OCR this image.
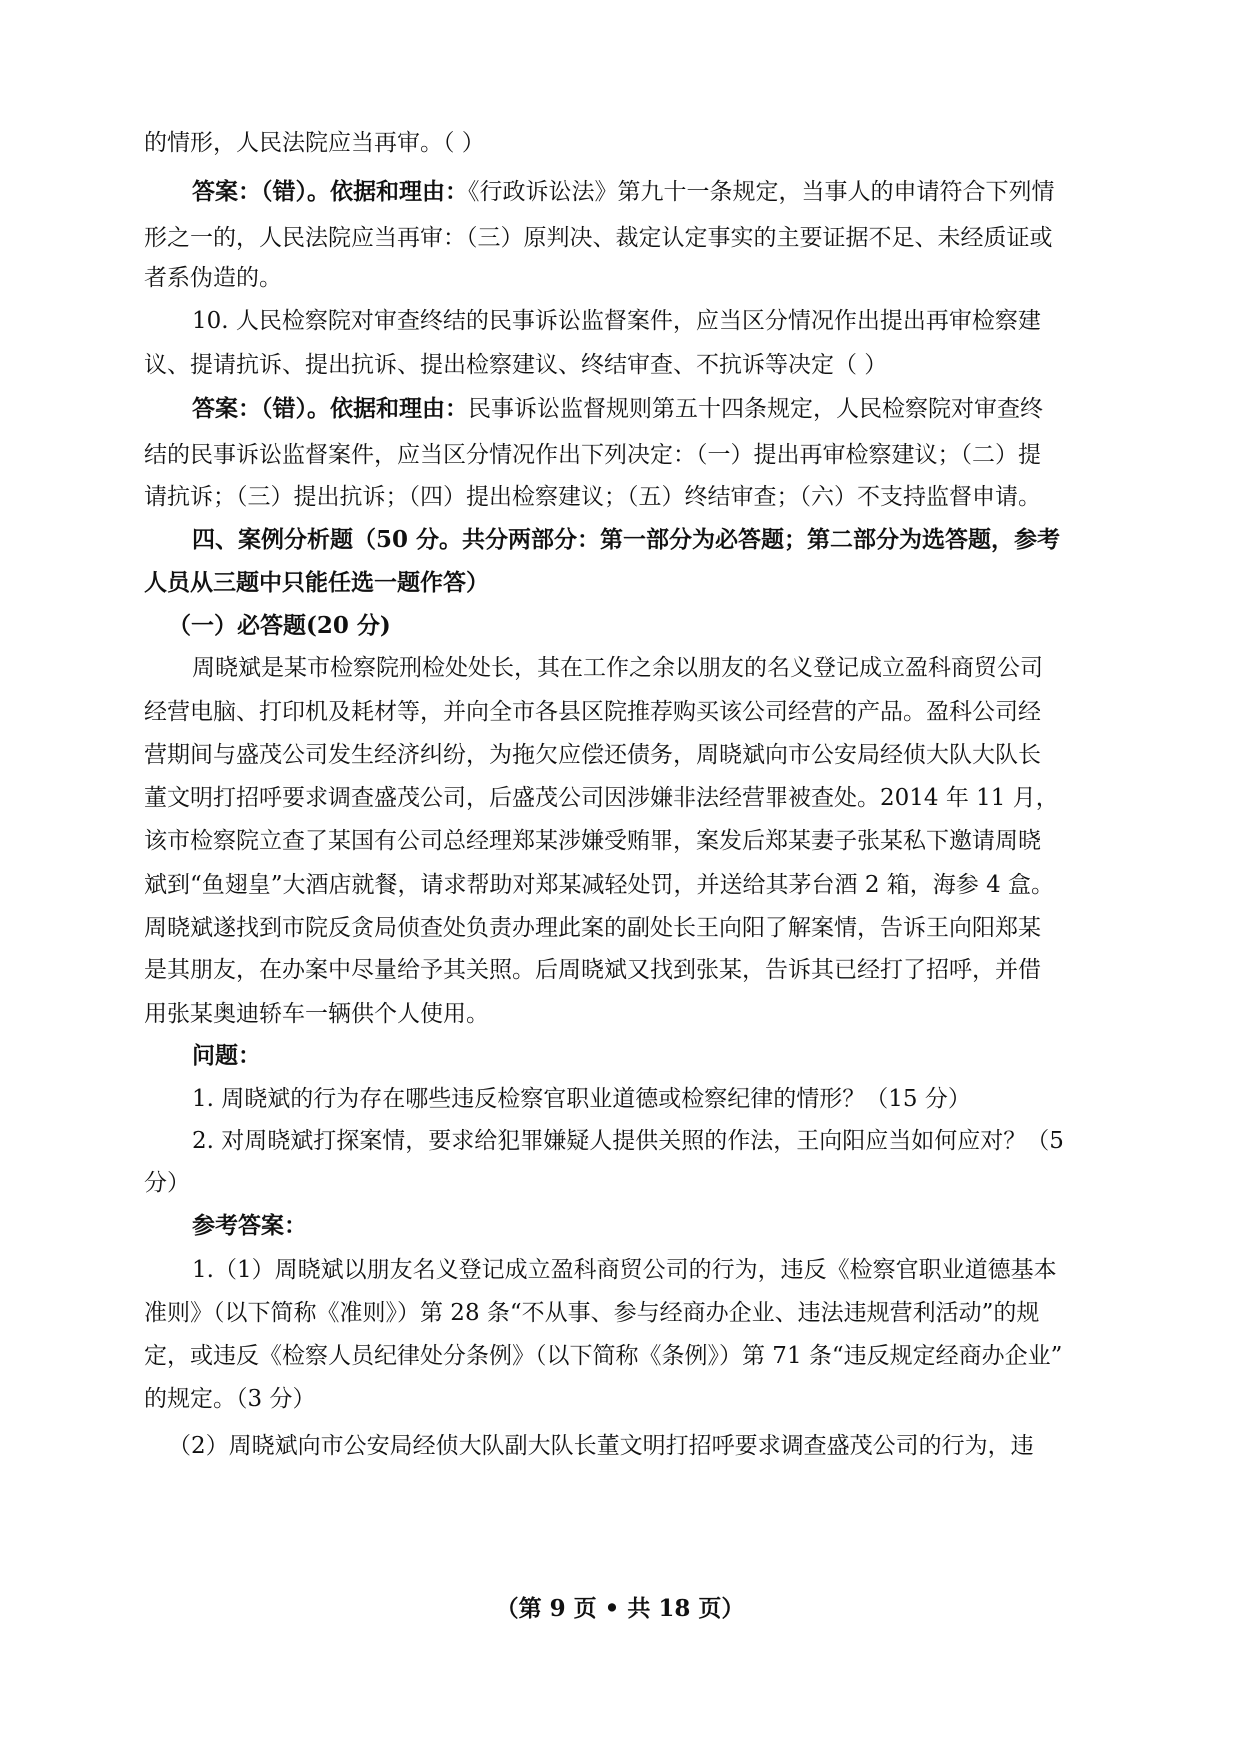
的情形，人民法院应当再审。（ ）
答案：（错）。依据和理由：《行政诉讼法》第九十一条规定，当事人的申请符合下列情
形之一的，人民法院应当再审：（三）原判决、裁定认定事实的主要证据不足、未经质证或
者系伪造的。
10. 人民检察院对审查终结的民事诉讼监督案件，应当区分情况作出提出再审检察建
议、提请抗诉、提出抗诉、提出检察建议、终结审查、不抗诉等决定（ ）
答案：（错）。依据和理由：民事诉讼监督规则第五十四条规定，人民检察院对审查终
结的民事诉讼监督案件，应当区分情况作出下列决定：（一）提出再审检察建议；（二）提
请抗诉；（三）提出抗诉；（四）提出检察建议；（五）终结审查；（六）不支持监督申请。
四、案例分析题（50 分。共分两部分：第一部分为必答题；第二部分为选答题，参考
人员从三题中只能任选一题作答）
（一）必答题(20 分)
周晓斌是某市检察院刑检处处长，其在工作之余以朋友的名义登记成立盈科商贸公司
经营电脑、打印机及耗材等，并向全市各县区院推荐购买该公司经营的产品。盈科公司经
营期间与盛茂公司发生经济纠纷，为拖欠应偿还债务，周晓斌向市公安局经侦大队大队长
董文明打招呼要求调查盛茂公司，后盛茂公司因涉嫌非法经营罪被查处。2014 年 11 月，
该市检察院立查了某国有公司总经理郑某涉嫌受贿罪，案发后郑某妻子张某私下邀请周晓
斌到“鱼翅皇”大酒店就餐，请求帮助对郑某减轻处罚，并送给其茅台酒 2 箱，海参 4 盒。
周晓斌遂找到市院反贪局侦查处负责办理此案的副处长王向阳了解案情，告诉王向阳郑某
是其朋友，在办案中尽量给予其关照。后周晓斌又找到张某，告诉其已经打了招呼，并借
用张某奥迪轿车一辆供个人使用。
问题：
1. 周晓斌的行为存在哪些违反检察官职业道德或检察纪律的情形？（15 分）
2. 对周晓斌打探案情，要求给犯罪嫌疑人提供关照的作法，王向阳应当如何应对？（5
分）
参考答案：
1.（1）周晓斌以朋友名义登记成立盈科商贸公司的行为，违反《检察官职业道德基本
准则》（以下简称《准则》）第 28 条“不从事、参与经商办企业、违法违规营利活动”的规
定，或违反《检察人员纪律处分条例》（以下简称《条例》）第 71 条“违反规定经商办企业”
的规定。（3 分）
（2）周晓斌向市公安局经侦大队副大队长董文明打招呼要求调查盛茂公司的行为，违
（第 9 页 • 共 18 页）
